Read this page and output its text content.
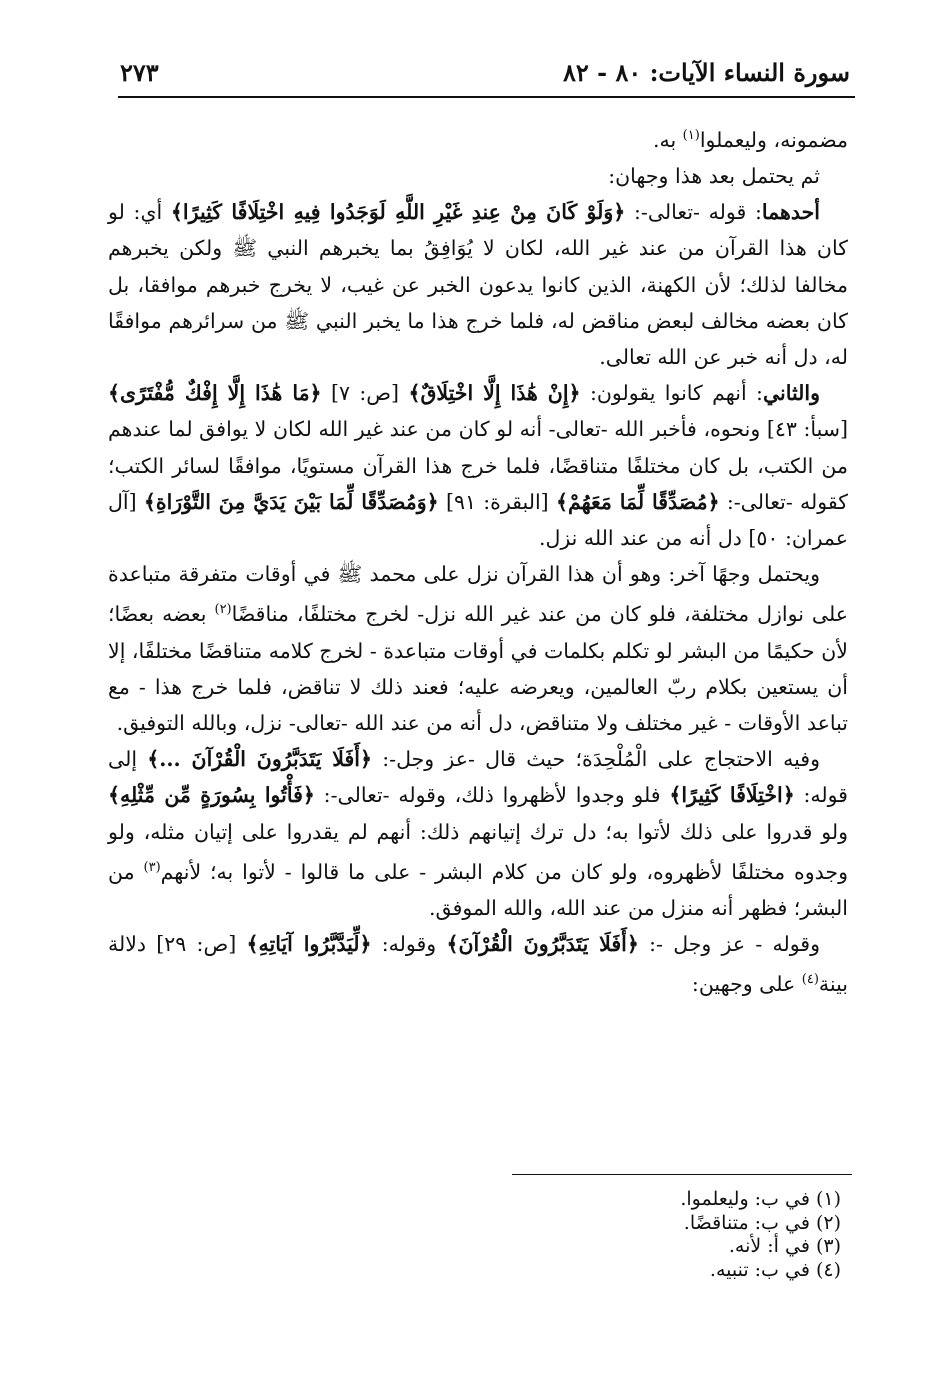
سورة النساء الآيات: ٨٠ - ٨٢
٢٧٣

مضمونه، وليعملوا$^{(١)}$ به.

ثم يحتمل بعد هذا وجهان:

أحدهما: قوله -تعالى-: ﴿وَلَوْ كَانَ مِنْ عِندِ غَيْرِ اللَّهِ لَوَجَدُوا فِيهِ اخْتِلَافًا كَثِيرًا﴾ أي: لو كان هذا القرآن من عند غير الله، لكان لا يُوَافِقُ بما يخبرهم النبي ﷺ ولكن يخبرهم مخالفا لذلك؛ لأن الكهنة، الذين كانوا يدعون الخبر عن غيب، لا يخرج خبرهم موافقا، بل كان بعضه مخالف لبعض مناقض له، فلما خرج هذا ما يخبر النبي ﷺ من سرائرهم موافقًا له، دل أنه خبر عن الله تعالى.

والثاني: أنهم كانوا يقولون: ﴿إِنْ هَٰذَا إِلَّا اخْتِلَاقٌ﴾ [ص: ٧] ﴿مَا هَٰذَا إِلَّا إِفْكٌ مُّفْتَرًى﴾ [سبأ: ٤٣] ونحوه، فأخبر الله -تعالى- أنه لو كان من عند غير الله لكان لا يوافق لما عندهم من الكتب، بل كان مختلفًا متناقضًا، فلما خرج هذا القرآن مستويًا، موافقًا لسائر الكتب؛ كقوله -تعالى-: ﴿مُصَدِّقًا لِّمَا مَعَهُمْ﴾ [البقرة: ٩١] ﴿وَمُصَدِّقًا لِّمَا بَيْنَ يَدَيَّ مِنَ التَّوْرَاةِ﴾ [آل عمران: ٥٠] دل أنه من عند الله نزل.

ويحتمل وجهًا آخر: وهو أن هذا القرآن نزل على محمد ﷺ في أوقات متفرقة متباعدة على نوازل مختلفة، فلو كان من عند غير الله نزل- لخرج مختلفًا، مناقضًا$^{(٢)}$ بعضه بعضًا؛ لأن حكيمًا من البشر لو تكلم بكلمات في أوقات متباعدة - لخرج كلامه متناقضًا مختلفًا، إلا أن يستعين بكلام ربّ العالمين، ويعرضه عليه؛ فعند ذلك لا تناقض، فلما خرج هذا - مع تباعد الأوقات - غير مختلف ولا متناقض، دل أنه من عند الله -تعالى- نزل، وبالله التوفيق.

وفيه الاحتجاج على الْمُلْحِدَة؛ حيث قال -عز وجل-: ﴿أَفَلَا يَتَدَبَّرُونَ الْقُرْآنَ ...﴾ إلى قوله: ﴿اخْتِلَافًا كَثِيرًا﴾ فلو وجدوا لأظهروا ذلك، وقوله -تعالى-: ﴿فَأْتُوا بِسُورَةٍ مِّن مِّثْلِهِ﴾ ولو قدروا على ذلك لأتوا به؛ دل ترك إتيانهم ذلك: أنهم لم يقدروا على إتيان مثله، ولو وجدوه مختلفًا لأظهروه، ولو كان من كلام البشر - على ما قالوا - لأتوا به؛ لأنهم$^{(٣)}$ من البشر؛ فظهر أنه منزل من عند الله، والله الموفق.

وقوله - عز وجل -: ﴿أَفَلَا يَتَدَبَّرُونَ الْقُرْآنَ﴾ وقوله: ﴿لِّيَدَّبَّرُوا آيَاتِهِ﴾ [ص: ٢٩] دلالة بينة$^{(٤)}$ على وجهين:

(١) في ب: وليعلموا.
(٢) في ب: متناقضًا.
(٣) في أ: لأنه.
(٤) في ب: تنبيه.
